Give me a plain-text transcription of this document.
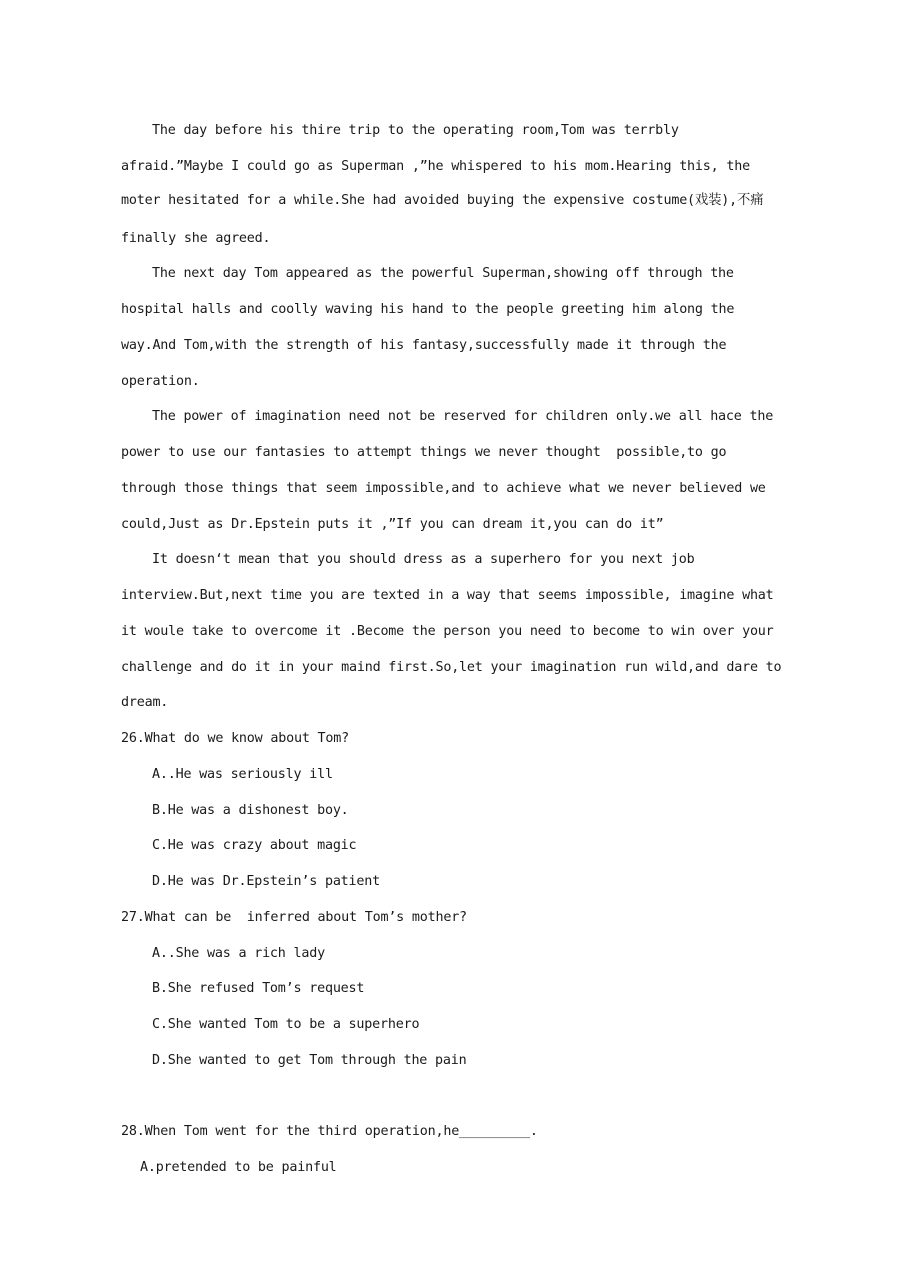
The day before his thire trip to the operating room,Tom was terrbly
afraid.”Maybe I could go as Superman ,”he whispered to his mom.Hearing this, the
moter hesitated for a while.She had avoided buying the expensive costume(戏装),不痛
finally she agreed.
The next day Tom appeared as the powerful Superman,showing off through the
hospital halls and coolly waving his hand to the people greeting him along the
way.And Tom,with the strength of his fantasy,successfully made it through the
operation.
The power of imagination need not be reserved for children only.we all hace the
power to use our fantasies to attempt things we never thought  possible,to go
through those things that seem impossible,and to achieve what we never believed we
could,Just as Dr.Epstein puts it ,”If you can dream it,you can do it”
It doesn‘t mean that you should dress as a superhero for you next job
interview.But,next time you are texted in a way that seems impossible, imagine what
it woule take to overcome it .Become the person you need to become to win over your
challenge and do it in your maind first.So,let your imagination run wild,and dare to
dream.
26.What do we know about Tom?
A..He was seriously ill
B.He was a dishonest boy.
C.He was crazy about magic
D.He was Dr.Epstein’s patient
27.What can be  inferred about Tom’s mother?
A..She was a rich lady
B.She refused Tom’s request
C.She wanted Tom to be a superhero
D.She wanted to get Tom through the pain
28.When Tom went for the third operation,he_________.
A.pretended to be painful
